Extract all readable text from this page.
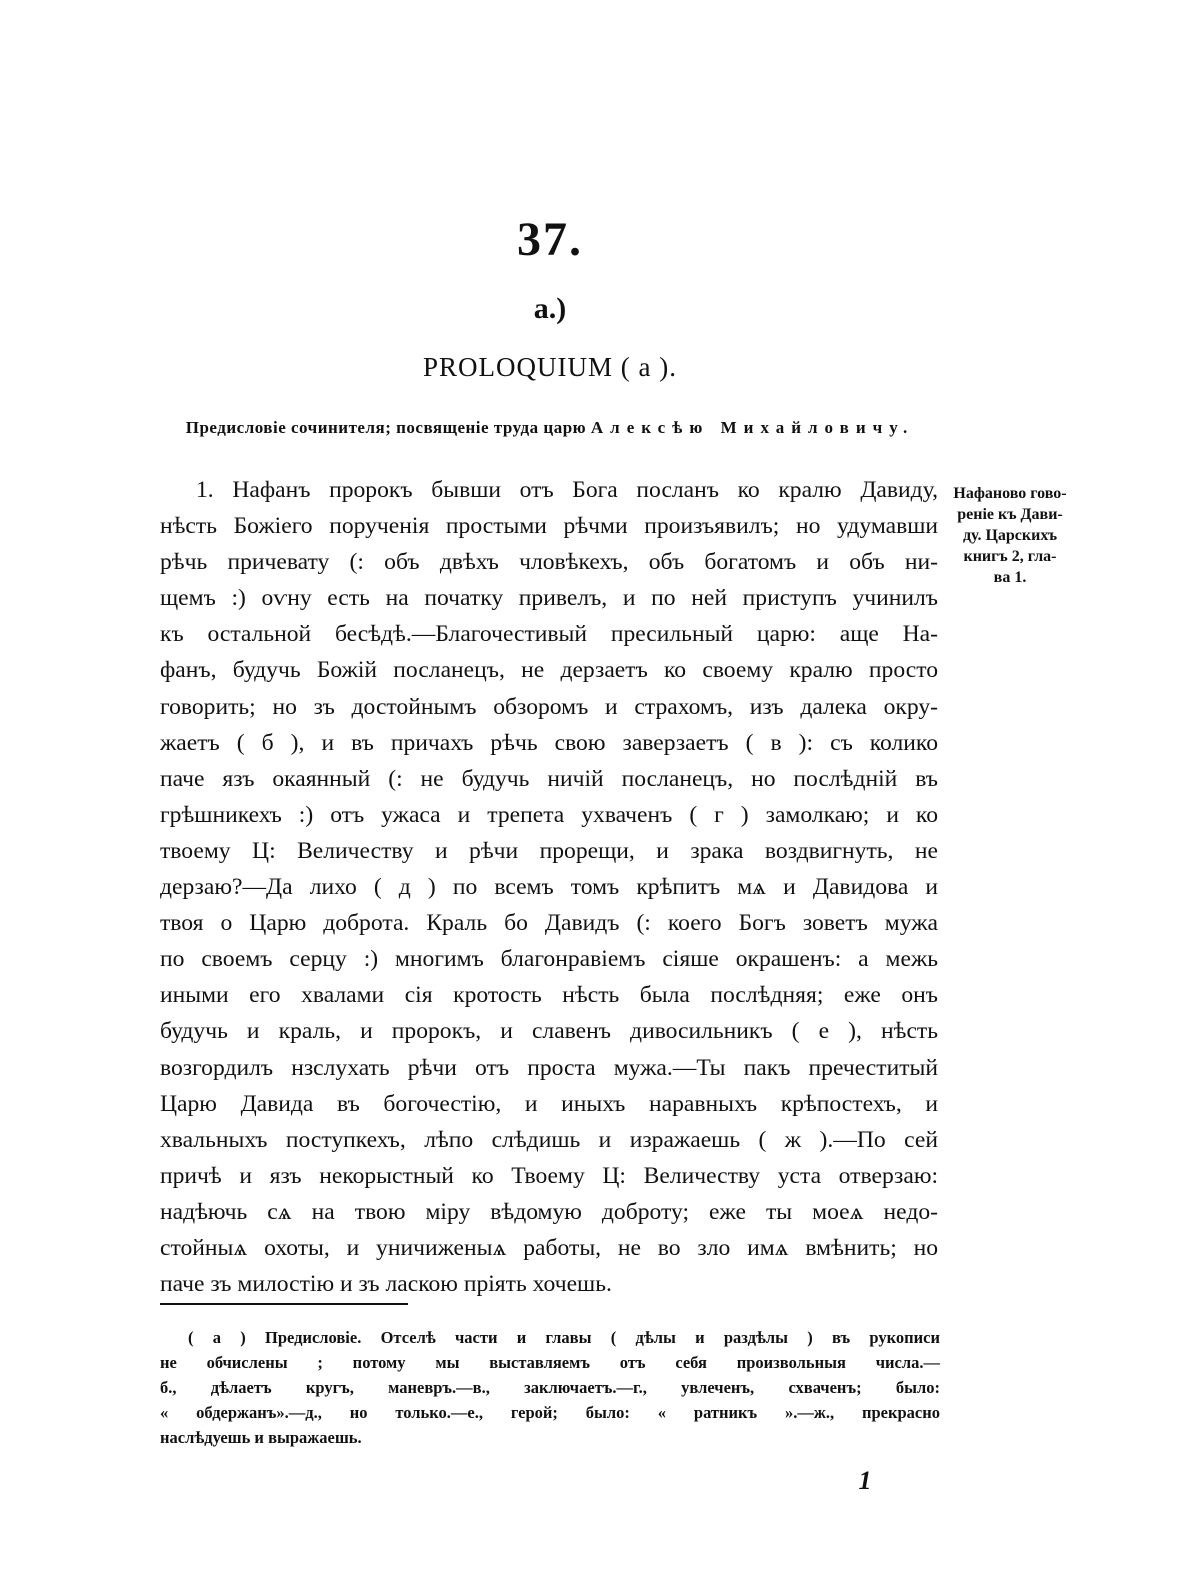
37.
а.)
PROLOQUIUM ( а ).
Предисловіе сочинителя; посвященіе труда царю Алексѣю Михайловичу.
1. Нафанъ пророкъ бывши отъ Бога посланъ ко кралю Давиду,
нѣсть Божіего порученія простыми рѣчми произъявилъ; но удумавши
рѣчь причевату (: объ двѣхъ чловѣкехъ, объ богатомъ и объ ни-
щемъ :) оѵну есть на початку привелъ, и по ней приступъ учинилъ
къ остальной бесѣдѣ.—Благочестивый пресильный царю: аще На-
фанъ, будучь Божій посланецъ, не дерзаетъ ко своему кралю просто
говорить; но зъ достойнымъ обзоромъ и страхомъ, изъ далека окру-
жаетъ ( б ), и въ причахъ рѣчь свою заверзаетъ ( в ): съ колико
паче язъ окаянный (: не будучь ничій посланецъ, но послѣдній въ
грѣшникехъ :) отъ ужаса и трепета ухваченъ ( г ) замолкаю; и ко
твоему Ц: Величеству и рѣчи прорещи, и зрака воздвигнуть, не
дерзаю?—Да лихо ( д ) по всемъ томъ крѣпитъ мѧ и Давидова и
твоя о Царю доброта. Краль бо Давидъ (: коего Богъ зоветъ мужа
по своемъ серцу :) многимъ благонравіемъ сіяше окрашенъ: а межь
иными его хвалами сія кротость нѣсть была послѣдняя; еже онъ
будучь и краль, и пророкъ, и славенъ дивосильникъ ( е ), нѣсть
возгордилъ нзслухать рѣчи отъ проста мужа.—Ты пакъ пречеститый
Царю Давида въ богочестію, и иныхъ наравныхъ крѣпостехъ, и
хвальныхъ поступкехъ, лѣпо слѣдишь и изражаешь ( ж ).—По сей
причѣ и язъ некорыстный ко Твоему Ц: Величеству уста отверзаю:
надѣючь сѧ на твою міру вѣдомую доброту; еже ты моеѧ недо-
стойныѧ охоты, и уничиженыѧ работы, не во зло имѧ вмѣнить; но
паче зъ милостію и зъ ласкою пріять хочешь.
Нафаново гово-
реніе къ Дави-
ду. Царскихъ
книгъ 2, гла-
ва 1.
( а ) Предисловіе. Отселѣ части и главы ( дѣлы и раздѣлы ) въ рукописи
не обчислены ; потому мы выставляемъ отъ себя произвольныя числа.—
б., дѣлаетъ кругъ, маневръ.—в., заключаетъ.—г., увлеченъ, схваченъ; было:
« обдержанъ».—д., но только.—е., герой; было: « ратникъ ».—ж., прекрасно
наслѣдуешь и выражаешь.
1
